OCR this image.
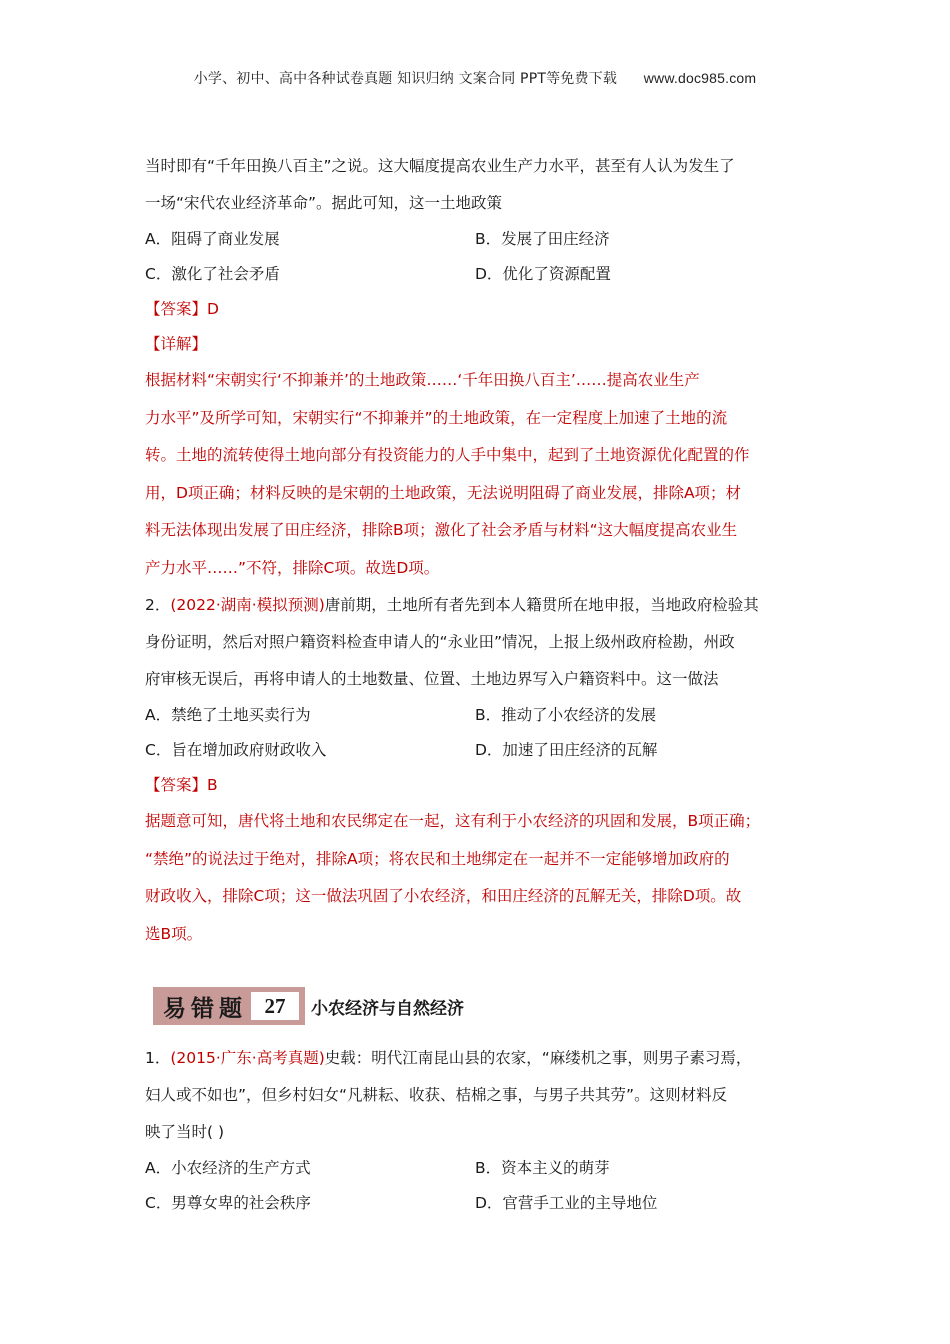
小学、初中、高中各种试卷真题 知识归纳 文案合同 PPT等免费下载 www.doc985.com

当时即有“千年田换八百主”之说。这大幅度提高农业生产力水平，甚至有人认为发生了

一场“宋代农业经济革命”。据此可知，这一土地政策

A．阻碍了商业发展	B．发展了田庄经济
C．激化了社会矛盾	D．优化了资源配置

【答案】D

【详解】

根据材料“宋朝实行‘不抑兼并’的土地政策……‘千年田换八百主’……提高农业生产

力水平”及所学可知，宋朝实行“不抑兼并”的土地政策，在一定程度上加速了土地的流

转。土地的流转使得土地向部分有投资能力的人手中集中，起到了土地资源优化配置的作

用，D项正确；材料反映的是宋朝的土地政策，无法说明阻碍了商业发展，排除A项；材

料无法体现出发展了田庄经济，排除B项；激化了社会矛盾与材料“这大幅度提高农业生

产力水平……”不符，排除C项。故选D项。

2．(2022·湖南·模拟预测)唐前期，土地所有者先到本人籍贯所在地申报，当地政府检验其

身份证明，然后对照户籍资料检查申请人的“永业田”情况，上报上级州政府检勘，州政

府审核无误后，再将申请人的土地数量、位置、土地边界写入户籍资料中。这一做法

A．禁绝了土地买卖行为	B．推动了小农经济的发展
C．旨在增加政府财政收入	D．加速了田庄经济的瓦解

【答案】B

据题意可知，唐代将土地和农民绑定在一起，这有利于小农经济的巩固和发展，B项正确；

“禁绝”的说法过于绝对，排除A项；将农民和土地绑定在一起并不一定能够增加政府的

财政收入，排除C项；这一做法巩固了小农经济，和田庄经济的瓦解无关，排除D项。故

选B项。

易错题 27	小农经济与自然经济

1．(2015·广东·高考真题)史载：明代江南昆山县的农家，“麻缕机之事，则男子素习焉，

妇人或不如也”，但乡村妇女“凡耕耘、收获、桔棉之事，与男子共其劳”。这则材料反

映了当时( )

A．小农经济的生产方式	B．资本主义的萌芽
C．男尊女卑的社会秩序	D．官营手工业的主导地位
